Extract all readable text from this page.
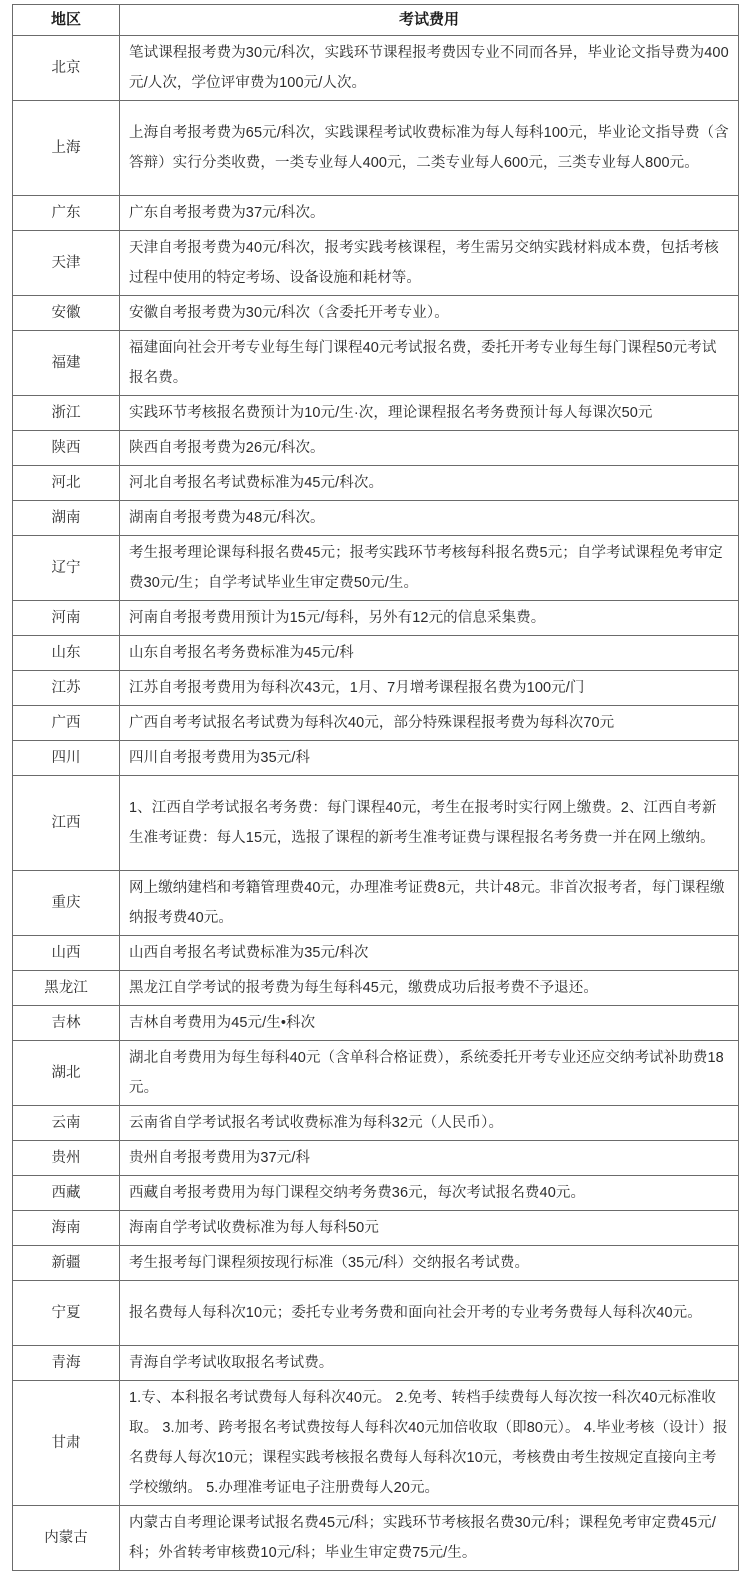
地区	考试费用
北京	笔试课程报考费为30元/科次，实践环节课程报考费因专业不同而各异，毕业论文指导费为400元/人次，学位评审费为100元/人次。
上海	上海自考报考费为65元/科次，实践课程考试收费标准为每人每科100元，毕业论文指导费（含答辩）实行分类收费，一类专业每人400元，二类专业每人600元，三类专业每人800元。
广东	广东自考报考费为37元/科次。
天津	天津自考报考费为40元/科次，报考实践考核课程，考生需另交纳实践材料成本费，包括考核过程中使用的特定考场、设备设施和耗材等。
安徽	安徽自考报考费为30元/科次（含委托开考专业）。
福建	福建面向社会开考专业每生每门课程40元考试报名费，委托开考专业每生每门课程50元考试报名费。
浙江	实践环节考核报名费预计为10元/生·次，理论课程报名考务费预计每人每课次50元
陕西	陕西自考报考费为26元/科次。
河北	河北自考报名考试费标准为45元/科次。
湖南	湖南自考报考费为48元/科次。
辽宁	考生报考理论课每科报名费45元；报考实践环节考核每科报名费5元；自学考试课程免考审定费30元/生；自学考试毕业生审定费50元/生。
河南	河南自考报考费用预计为15元/每科，另外有12元的信息采集费。
山东	山东自考报名考务费标准为45元/科
江苏	江苏自考报考费用为每科次43元，1月、7月增考课程报名费为100元/门
广西	广西自考考试报名考试费为每科次40元，部分特殊课程报考费为每科次70元
四川	四川自考报考费用为35元/科
江西	1、江西自学考试报名考务费：每门课程40元，考生在报考时实行网上缴费。2、江西自考新生准考证费：每人15元，选报了课程的新考生准考证费与课程报名考务费一并在网上缴纳。
重庆	网上缴纳建档和考籍管理费40元，办理准考证费8元，共计48元。非首次报考者，每门课程缴纳报考费40元。
山西	山西自考报名考试费标准为35元/科次
黑龙江	黑龙江自学考试的报考费为每生每科45元，缴费成功后报考费不予退还。
吉林	吉林自考费用为45元/生•科次
湖北	湖北自考费用为每生每科40元（含单科合格证费），系统委托开考专业还应交纳考试补助费18元。
云南	云南省自学考试报名考试收费标准为每科32元（人民币）。
贵州	贵州自考报考费用为37元/科
西藏	西藏自考报考费用为每门课程交纳考务费36元，每次考试报名费40元。
海南	海南自学考试收费标准为每人每科50元
新疆	考生报考每门课程须按现行标准（35元/科）交纳报名考试费。
宁夏	报名费每人每科次10元；委托专业考务费和面向社会开考的专业考务费每人每科次40元。
青海	青海自学考试收取报名考试费。
甘肃	1.专、本科报名考试费每人每科次40元。 2.免考、转档手续费每人每次按一科次40元标准收取。 3.加考、跨考报名考试费按每人每科次40元加倍收取（即80元）。 4.毕业考核（设计）报名费每人每次10元；课程实践考核报名费每人每科次10元，考核费由考生按规定直接向主考学校缴纳。 5.办理准考证电子注册费每人20元。
内蒙古	内蒙古自考理论课考试报名费45元/科；实践环节考核报名费30元/科；课程免考审定费45元/科；外省转考审核费10元/科；毕业生审定费75元/生。
